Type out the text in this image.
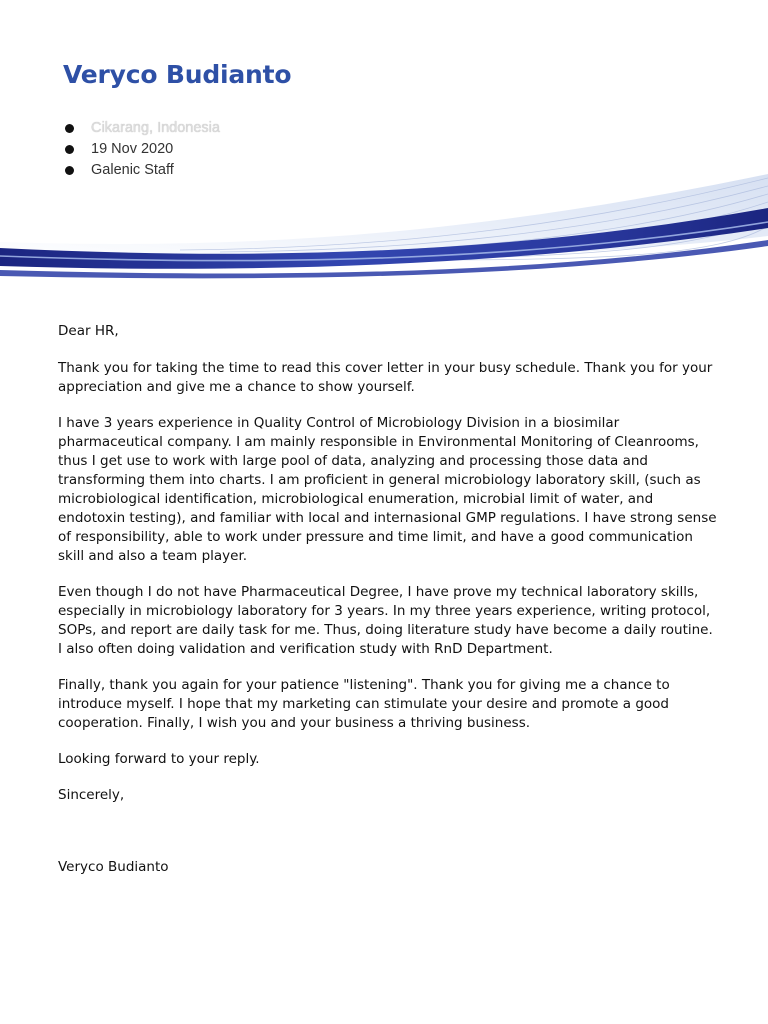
Veryco Budianto
Cikarang, Indonesia
19 Nov 2020
Galenic Staff

Dear HR,

Thank you for taking the time to read this cover letter in your busy schedule. Thank you for your appreciation and give me a chance to show yourself.

I have 3 years experience in Quality Control of Microbiology Division in a biosimilar pharmaceutical company. I am mainly responsible in Environmental Monitoring of Cleanrooms, thus I get use to work with large pool of data, analyzing and processing those data and transforming them into charts. I am proficient in general microbiology laboratory skill, (such as microbiological identification, microbiological enumeration, microbial limit of water, and endotoxin testing), and familiar with local and internasional GMP regulations. I have strong sense of responsibility, able to work under pressure and time limit, and have a good communication skill and also a team player.

Even though I do not have Pharmaceutical Degree, I have prove my technical laboratory skills, especially in microbiology laboratory for 3 years. In my three years experience, writing protocol, SOPs, and report are daily task for me. Thus, doing literature study have become a daily routine. I also often doing validation and verification study with RnD Department.

Finally, thank you again for your patience "listening". Thank you for giving me a chance to introduce myself. I hope that my marketing can stimulate your desire and promote a good cooperation. Finally, I wish you and your business a thriving business.

Looking forward to your reply.

Sincerely,

Veryco Budianto
